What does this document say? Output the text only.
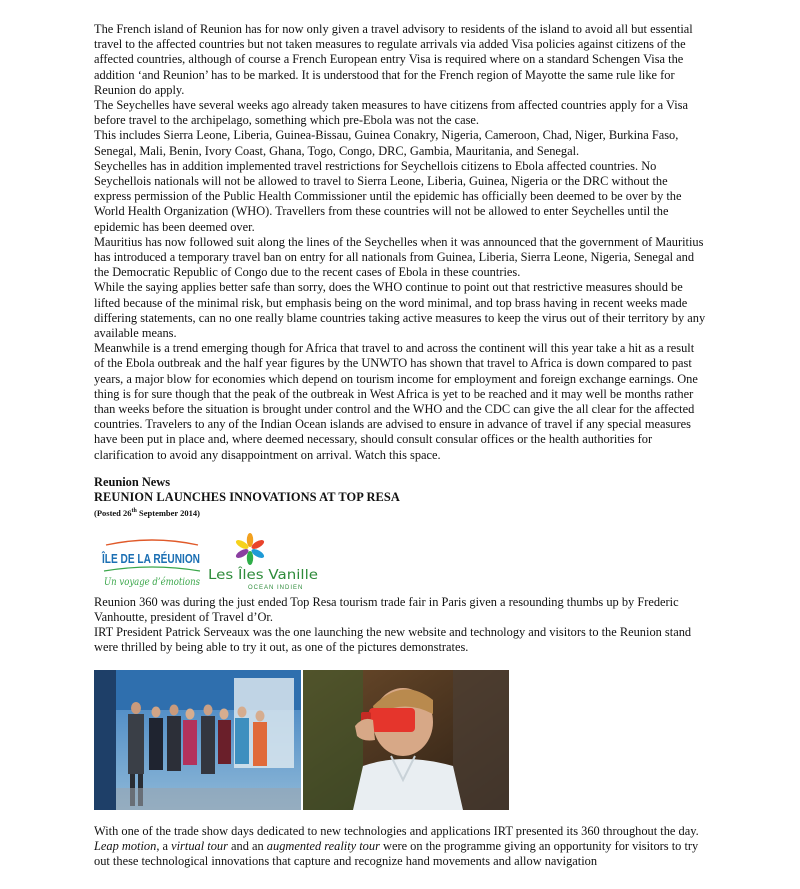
The French island of Reunion has for now only given a travel advisory to residents of the island to avoid all but essential travel to the affected countries but not taken measures to regulate arrivals via added Visa policies against citizens of the affected countries, although of course a French European entry Visa is required where on a standard Schengen Visa the addition ‘and Reunion’ has to be marked. It is understood that for the French region of Mayotte the same rule like for Reunion do apply.

The Seychelles have several weeks ago already taken measures to have citizens from affected countries apply for a Visa before travel to the archipelago, something which pre-Ebola was not the case.

This includes Sierra Leone, Liberia, Guinea-Bissau, Guinea Conakry, Nigeria, Cameroon, Chad, Niger, Burkina Faso, Senegal, Mali, Benin, Ivory Coast, Ghana, Togo, Congo, DRC, Gambia, Mauritania, and Senegal.

Seychelles has in addition implemented travel restrictions for Seychellois citizens to Ebola affected countries. No Seychellois nationals will not be allowed to travel to Sierra Leone, Liberia, Guinea, Nigeria or the DRC without the express permission of the Public Health Commissioner until the epidemic has officially been deemed to be over by the World Health Organization (WHO). Travellers from these countries will not be allowed to enter Seychelles until the epidemic has been deemed over.

Mauritius has now followed suit along the lines of the Seychelles when it was announced that the government of Mauritius has introduced a temporary travel ban on entry for all nationals from Guinea, Liberia, Sierra Leone, Nigeria, Senegal and the Democratic Republic of Congo due to the recent cases of Ebola in these countries.

While the saying applies better safe than sorry, does the WHO continue to point out that restrictive measures should be lifted because of the minimal risk, but emphasis being on the word minimal, and top brass having in recent weeks made differing statements, can no one really blame countries taking active measures to keep the virus out of their territory by any available means.

Meanwhile is a trend emerging though for Africa that travel to and across the continent will this year take a hit as a result of the Ebola outbreak and the half year figures by the UNWTO has shown that travel to Africa is down compared to past years, a major blow for economies which depend on tourism income for employment and foreign exchange earnings. One thing is for sure though that the peak of the outbreak in West Africa is yet to be reached and it may well be months rather than weeks before the situation is brought under control and the WHO and the CDC can give the all clear for the affected countries. Travelers to any of the Indian Ocean islands are advised to ensure in advance of travel if any special measures have been put in place and, where deemed necessary, should consult consular offices or the health authorities for clarification to avoid any disappointment on arrival. Watch this space.

Reunion News

REUNION LAUNCHES INNOVATIONS AT TOP RESA

(Posted 26th September 2014)

ÎLE DE LA RÉUNION
Un voyage d’émotions Les Îles Vanille
OCEAN INDIEN

Reunion 360 was during the just ended Top Resa tourism trade fair in Paris given a resounding thumbs up by Frederic Vanhoutte, president of Travel d’Or.

IRT President Patrick Serveaux was the one launching the new website and technology and visitors to the Reunion stand were thrilled by being able to try it out, as one of the pictures demonstrates.

With one of the trade show days dedicated to new technologies and applications IRT presented its 360 throughout the day. Leap motion, a virtual tour and an augmented reality tour were on the programme giving an opportunity for visitors to try out these technological innovations that capture and recognize hand movements and allow navigation
